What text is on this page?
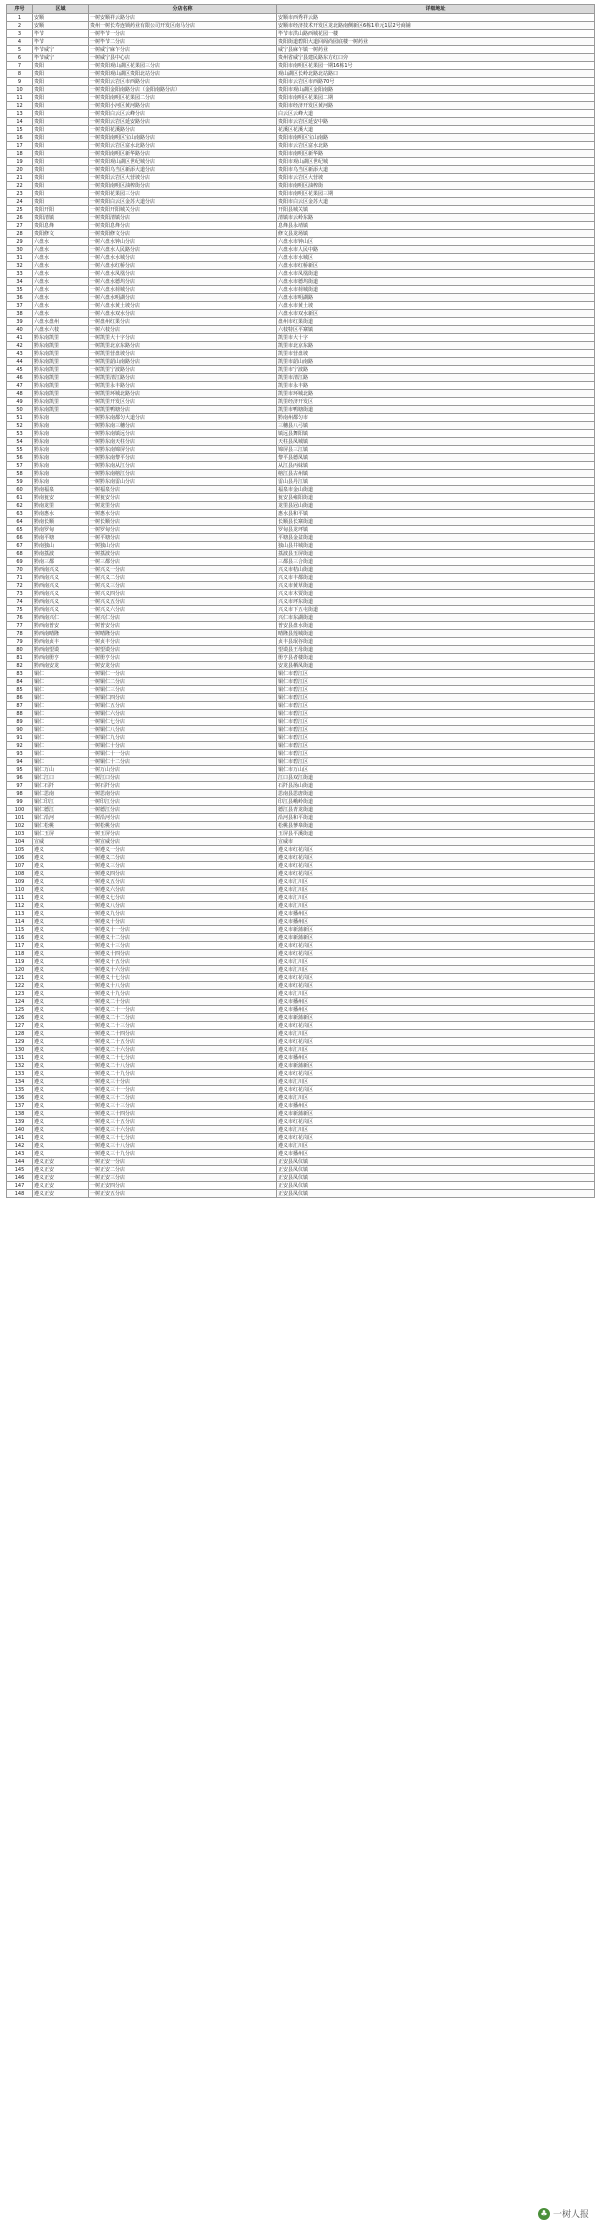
序号	区域	分店名称	详细地址
1	安顺	一树安顺祥云路分店	安顺市西秀祥云路
2	安顺	贵州一树长寿连锁药业有限公司开发区南马分店	安顺市经济技术开发区龙北路南侧新区6栋1单元1层2号商铺
3	毕节	一树毕节一分店	毕节市洪山路西城花园一楼
4	毕节	一树毕节二分店	贵阳街道碧阳大道回阁尚园底楼一树药业
5	毕节威宁	一树威宁麻乍分店	威宁县麻乍镇一树药业
6	毕节威宁	一树威宁县中心店	贵州省威宁县建民路东方红口旁
7	贵阳	一树贵阳观山湖区花果园三分店	贵阳市南明区花果园一期16栋1号
8	贵阳	一树贵阳观山湖区贵阳北站分店	观山湖区长岭北路北站路口
9	贵阳	一树贵阳云岩区市西路分店	贵阳市云岩区市西路70号
10	贵阳	一树贵阳金阳南路分店（金阳南路分店）	贵阳市观山湖区金阳南路
11	贵阳	一树贵阳南明区花果园二分店	贵阳市南明区花果园二期
12	贵阳	一树贵阳小河区黄河路分店	贵阳市经济开发区黄河路
13	贵阳	一树贵阳白云区云峰分店	白云区云峰大道
14	贵阳	一树贵阳云岩区延安路分店	贵阳市云岩区延安中路
15	贵阳	一树贵阳花溪路分店	花溪区花溪大道
16	贵阳	一树贵阳南明区宝山南路分店	贵阳市南明区宝山南路
17	贵阳	一树贵阳云岩区富水北路分店	贵阳市云岩区富水北路
18	贵阳	一树贵阳南明区新华路分店	贵阳市南明区新华路
19	贵阳	一树贵阳观山湖区世纪城分店	贵阳市观山湖区世纪城
20	贵阳	一树贵阳乌当区新添大道分店	贵阳市乌当区新添大道
21	贵阳	一树贵阳云岩区大营坡分店	贵阳市云岩区大营坡
22	贵阳	一树贵阳南明区油榨街分店	贵阳市南明区油榨街
23	贵阳	一树贵阳花果园三分店	贵阳市南明区花果园三期
24	贵阳	一树贵阳白云区金苏大道分店	贵阳市白云区金苏大道
25	贵阳开阳	一树贵阳开阳城关分店	开阳县城关镇
26	贵阳清镇	一树贵阳清镇分店	清镇市云岭东路
27	贵阳息烽	一树贵阳息烽分店	息烽县永靖镇
28	贵阳修文	一树贵阳修文分店	修文县龙场镇
29	六盘水	一树六盘水钟山分店	六盘水市钟山区
30	六盘水	一树六盘水人民路分店	六盘水市人民中路
31	六盘水	一树六盘水水城分店	六盘水市水城区
32	六盘水	一树六盘水红桥分店	六盘水市红桥新区
33	六盘水	一树六盘水凤凰分店	六盘水市凤凰街道
34	六盘水	一树六盘水德坞分店	六盘水市德坞街道
35	六盘水	一树六盘水荷城分店	六盘水市荷城街道
36	六盘水	一树六盘水明湖分店	六盘水市明湖路
37	六盘水	一树六盘水黄土坡分店	六盘水市黄土坡
38	六盘水	一树六盘水双水分店	六盘水市双水新区
39	六盘水盘州	一树盘州红果分店	盘州市红果街道
40	六盘水六枝	一树六枝分店	六枝特区平寨镇
41	黔东南凯里	一树凯里大十字分店	凯里市大十字
42	黔东南凯里	一树凯里北京东路分店	凯里市北京东路
43	黔东南凯里	一树凯里营盘坡分店	凯里市营盘坡
44	黔东南凯里	一树凯里韶山南路分店	凯里市韶山南路
45	黔东南凯里	一树凯里宁波路分店	凯里市宁波路
46	黔东南凯里	一树凯里清江路分店	凯里市清江路
47	黔东南凯里	一树凯里永丰路分店	凯里市永丰路
48	黔东南凯里	一树凯里环城北路分店	凯里市环城北路
49	黔东南凯里	一树凯里开发区分店	凯里经济开发区
50	黔东南凯里	一树凯里鸭塘分店	凯里市鸭塘街道
51	黔东南	一树黔东南都匀大道分店	黔南州都匀市
52	黔东南	一树黔东南三穗分店	三穗县八弓镇
53	黔东南	一树黔东南镇远分店	镇远县舞阳镇
54	黔东南	一树黔东南天柱分店	天柱县凤城镇
55	黔东南	一树黔东南锦屏分店	锦屏县三江镇
56	黔东南	一树黔东南黎平分店	黎平县德凤镇
57	黔东南	一树黔东南从江分店	从江县丙妹镇
58	黔东南	一树黔东南榕江分店	榕江县古州镇
59	黔东南	一树黔东南雷山分店	雷山县丹江镇
60	黔南福泉	一树福泉分店	福泉市金山街道
61	黔南瓮安	一树瓮安分店	瓮安县雍阳街道
62	黔南龙里	一树龙里分店	龙里县冠山街道
63	黔南惠水	一树惠水分店	惠水县和平镇
64	黔南长顺	一树长顺分店	长顺县长寨街道
65	黔南罗甸	一树罗甸分店	罗甸县龙坪镇
66	黔南平塘	一树平塘分店	平塘县金盆街道
67	黔南独山	一树独山分店	独山县井城街道
68	黔南荔波	一树荔波分店	荔波县玉屏街道
69	黔南三都	一树三都分店	三都县三合街道
70	黔西南兴义	一树兴义一分店	兴义市桔山街道
71	黔西南兴义	一树兴义二分店	兴义市丰都街道
72	黔西南兴义	一树兴义三分店	兴义市黄草街道
73	黔西南兴义	一树兴义四分店	兴义市木贾街道
74	黔西南兴义	一树兴义五分店	兴义市坪东街道
75	黔西南兴义	一树兴义六分店	兴义市下五屯街道
76	黔西南兴仁	一树兴仁分店	兴仁市东湖街道
77	黔西南普安	一树普安分店	普安县盘水街道
78	黔西南晴隆	一树晴隆分店	晴隆县莲城街道
79	黔西南贞丰	一树贞丰分店	贞丰县珉谷街道
80	黔西南望谟	一树望谟分店	望谟县王母街道
81	黔西南册亨	一树册亨分店	册亨县者楼街道
82	黔西南安龙	一树安龙分店	安龙县栖凤街道
83	铜仁	一树铜仁一分店	铜仁市碧江区
84	铜仁	一树铜仁二分店	铜仁市碧江区
85	铜仁	一树铜仁三分店	铜仁市碧江区
86	铜仁	一树铜仁四分店	铜仁市碧江区
87	铜仁	一树铜仁五分店	铜仁市碧江区
88	铜仁	一树铜仁六分店	铜仁市碧江区
89	铜仁	一树铜仁七分店	铜仁市碧江区
90	铜仁	一树铜仁八分店	铜仁市碧江区
91	铜仁	一树铜仁九分店	铜仁市碧江区
92	铜仁	一树铜仁十分店	铜仁市碧江区
93	铜仁	一树铜仁十一分店	铜仁市碧江区
94	铜仁	一树铜仁十二分店	铜仁市碧江区
95	铜仁万山	一树万山分店	铜仁市万山区
96	铜仁江口	一树江口分店	江口县双江街道
97	铜仁石阡	一树石阡分店	石阡县汤山街道
98	铜仁思南	一树思南分店	思南县思唐街道
99	铜仁印江	一树印江分店	印江县峨岭街道
100	铜仁德江	一树德江分店	德江县青龙街道
101	铜仁沿河	一树沿河分店	沿河县和平街道
102	铜仁松桃	一树松桃分店	松桃县蓼皋街道
103	铜仁玉屏	一树玉屏分店	玉屏县平溪街道
104	宣威	一树宣威分店	宣威市
105	遵义	一树遵义一分店	遵义市红花岗区
106	遵义	一树遵义二分店	遵义市红花岗区
107	遵义	一树遵义三分店	遵义市红花岗区
108	遵义	一树遵义四分店	遵义市红花岗区
109	遵义	一树遵义五分店	遵义市汇川区
110	遵义	一树遵义六分店	遵义市汇川区
111	遵义	一树遵义七分店	遵义市汇川区
112	遵义	一树遵义八分店	遵义市汇川区
113	遵义	一树遵义九分店	遵义市播州区
114	遵义	一树遵义十分店	遵义市播州区
115	遵义	一树遵义十一分店	遵义市新蒲新区
116	遵义	一树遵义十二分店	遵义市新蒲新区
117	遵义	一树遵义十三分店	遵义市红花岗区
118	遵义	一树遵义十四分店	遵义市红花岗区
119	遵义	一树遵义十五分店	遵义市汇川区
120	遵义	一树遵义十六分店	遵义市汇川区
121	遵义	一树遵义十七分店	遵义市红花岗区
122	遵义	一树遵义十八分店	遵义市红花岗区
123	遵义	一树遵义十九分店	遵义市汇川区
124	遵义	一树遵义二十分店	遵义市播州区
125	遵义	一树遵义二十一分店	遵义市播州区
126	遵义	一树遵义二十二分店	遵义市新蒲新区
127	遵义	一树遵义二十三分店	遵义市红花岗区
128	遵义	一树遵义二十四分店	遵义市汇川区
129	遵义	一树遵义二十五分店	遵义市红花岗区
130	遵义	一树遵义二十六分店	遵义市汇川区
131	遵义	一树遵义二十七分店	遵义市播州区
132	遵义	一树遵义二十八分店	遵义市新蒲新区
133	遵义	一树遵义二十九分店	遵义市红花岗区
134	遵义	一树遵义三十分店	遵义市汇川区
135	遵义	一树遵义三十一分店	遵义市红花岗区
136	遵义	一树遵义三十二分店	遵义市汇川区
137	遵义	一树遵义三十三分店	遵义市播州区
138	遵义	一树遵义三十四分店	遵义市新蒲新区
139	遵义	一树遵义三十五分店	遵义市红花岗区
140	遵义	一树遵义三十六分店	遵义市汇川区
141	遵义	一树遵义三十七分店	遵义市红花岗区
142	遵义	一树遵义三十八分店	遵义市汇川区
143	遵义	一树遵义三十九分店	遵义市播州区
144	遵义正安	一树正安一分店	正安县凤仪镇
145	遵义正安	一树正安二分店	正安县凤仪镇
146	遵义正安	一树正安三分店	正安县凤仪镇
147	遵义正安	一树正安四分店	正安县凤仪镇
148	遵义正安	一树正安五分店	正安县凤仪镇
♣ 一树人报
